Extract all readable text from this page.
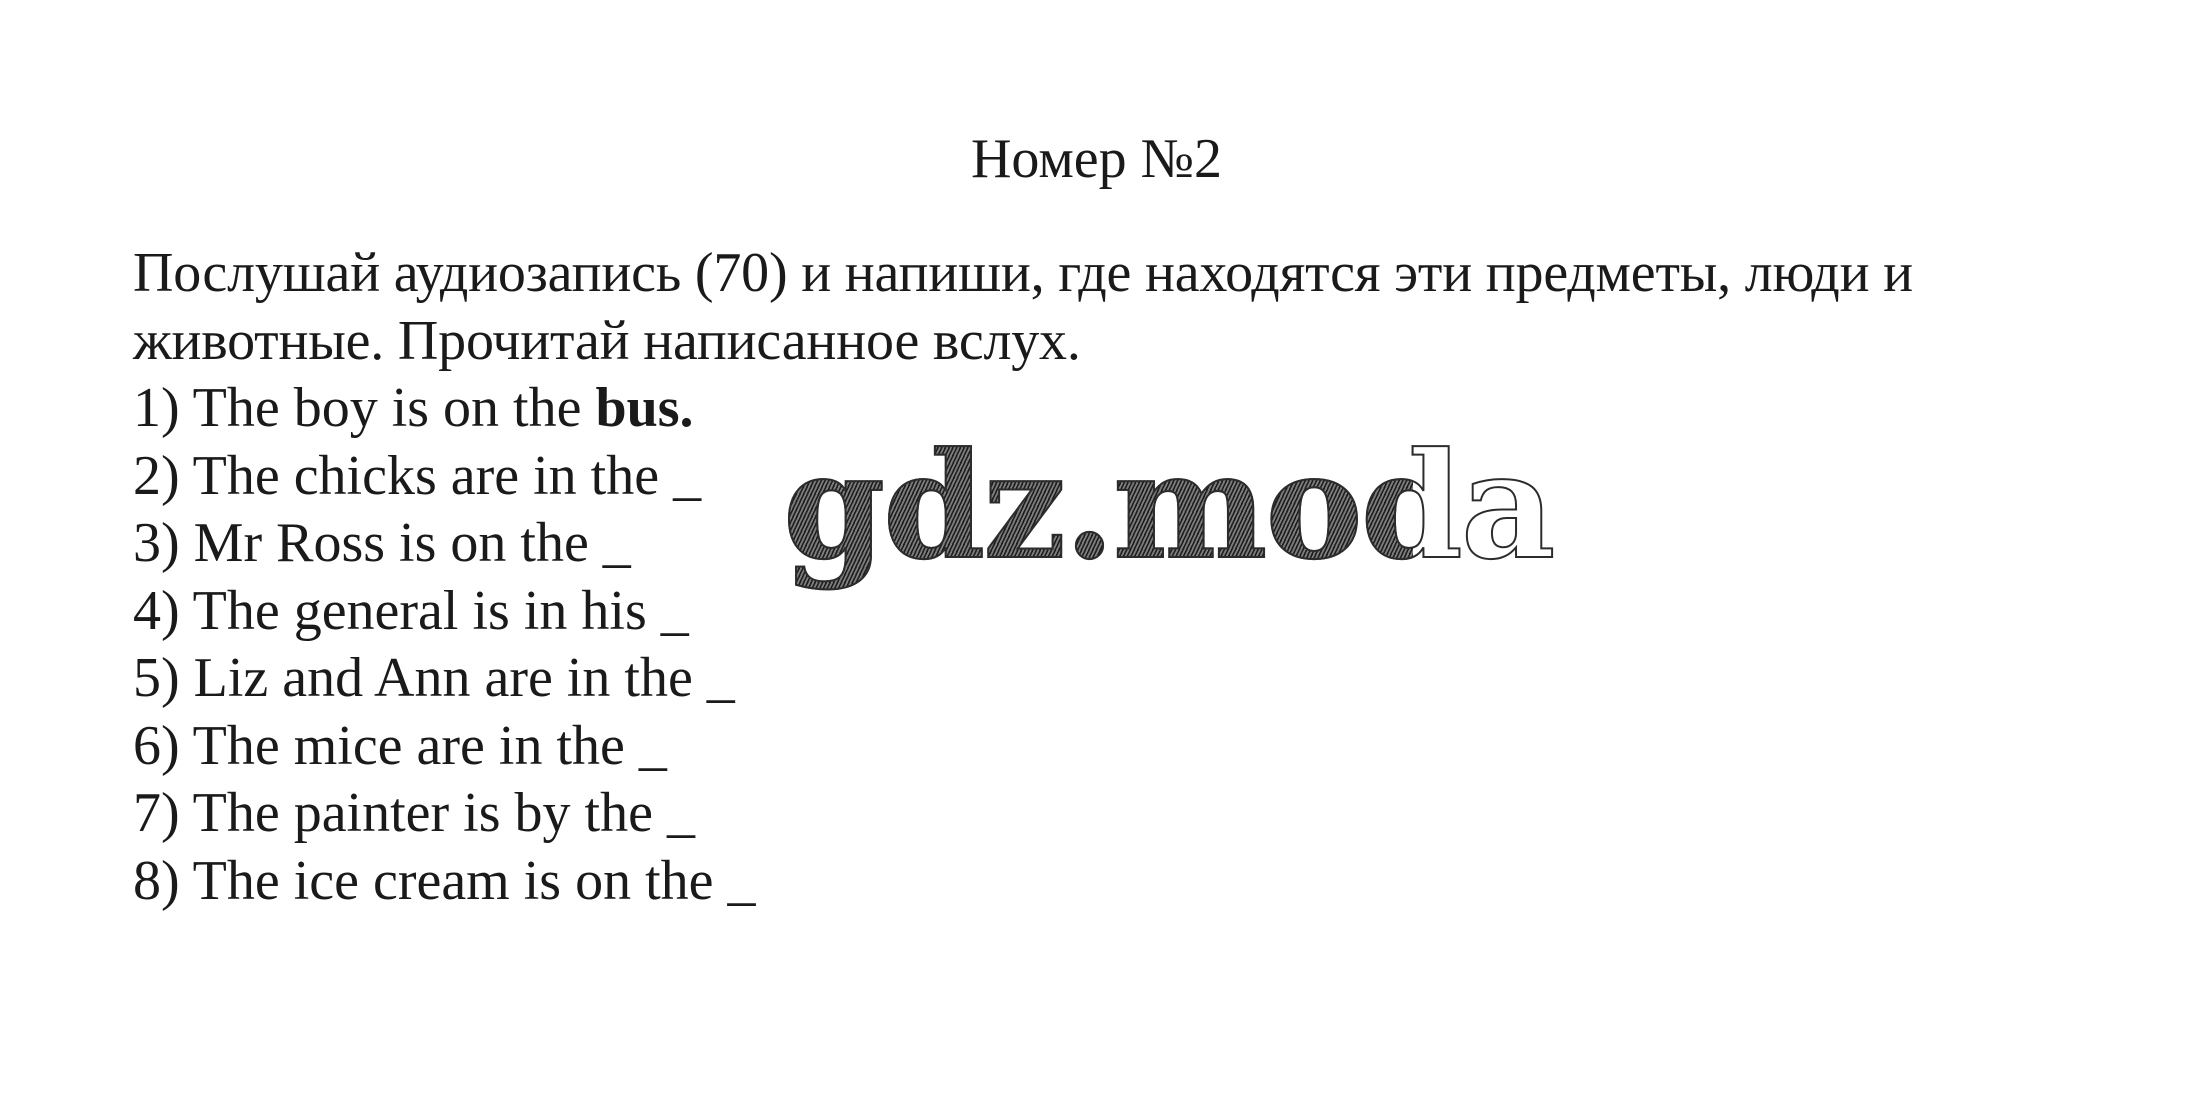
Номер №2

Послушай аудиозапись (70) и напиши, где находятся эти предметы, люди и животные. Прочитай написанное вслух.

1) The boy is on the bus.
2) The chicks are in the _
3) Mr Ross is on the _
4) The general is in his _
5) Liz and Ann are in the _
6) The mice are in the _
7) The painter is by the _
8) The ice cream is on the _
gdz.moda
